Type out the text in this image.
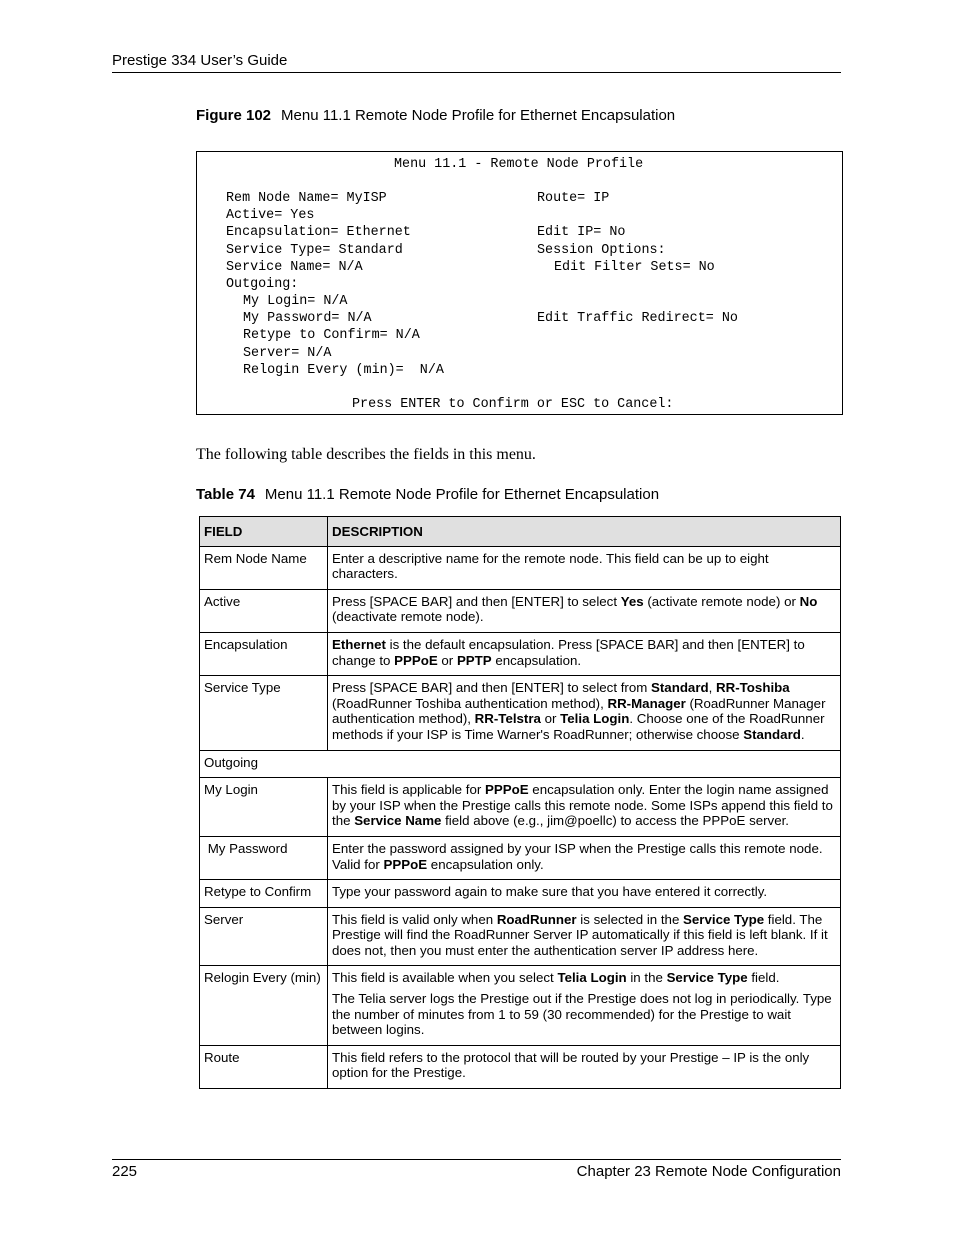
Prestige 334 User’s Guide
Figure 102 Menu 11.1 Remote Node Profile for Ethernet Encapsulation
Menu 11.1 - Remote Node Profile
Rem Node Name= MyISP	Route= IP
Active= Yes
Encapsulation= Ethernet	Edit IP= No
Service Type= Standard	Session Options:
Service Name= N/A	Edit Filter Sets= No
Outgoing:
My Login= N/A
My Password= N/A	Edit Traffic Redirect= No
Retype to Confirm= N/A
Server= N/A
Relogin Every (min)=  N/A
Press ENTER to Confirm or ESC to Cancel:
The following table describes the fields in this menu.
Table 74 Menu 11.1 Remote Node Profile for Ethernet Encapsulation
FIELD	DESCRIPTION
Rem Node Name	Enter a descriptive name for the remote node. This field can be up to eight characters.

Active	Press [SPACE BAR] and then [ENTER] to select Yes (activate remote node) or No (deactivate remote node).

Encapsulation	Ethernet is the default encapsulation. Press [SPACE BAR] and then [ENTER] to change to PPPoE or PPTP encapsulation.

Service Type	Press [SPACE BAR] and then [ENTER] to select from Standard, RR-Toshiba (RoadRunner Toshiba authentication method), RR-Manager (RoadRunner Manager authentication method), RR-Telstra or Telia Login. Choose one of the RoadRunner methods if your ISP is Time Warner's RoadRunner; otherwise choose Standard.

Outgoing	
My Login	This field is applicable for PPPoE encapsulation only. Enter the login name assigned by your ISP when the Prestige calls this remote node. Some ISPs append this field to the Service Name field above (e.g., jim@poellc) to access the PPPoE server.

My Password	Enter the password assigned by your ISP when the Prestige calls this remote node. Valid for PPPoE encapsulation only.

Retype to Confirm	Type your password again to make sure that you have entered it correctly.

Server	This field is valid only when RoadRunner is selected in the Service Type field. The Prestige will find the RoadRunner Server IP automatically if this field is left blank. If it does not, then you must enter the authentication server IP address here.

Relogin Every (min)	This field is available when you select Telia Login in the Service Type field.

The Telia server logs the Prestige out if the Prestige does not log in periodically. Type the number of minutes from 1 to 59 (30 recommended) for the Prestige to wait between logins.

Route	This field refers to the protocol that will be routed by your Prestige – IP is the only option for the Prestige.

225	Chapter 23 Remote Node Configuration
